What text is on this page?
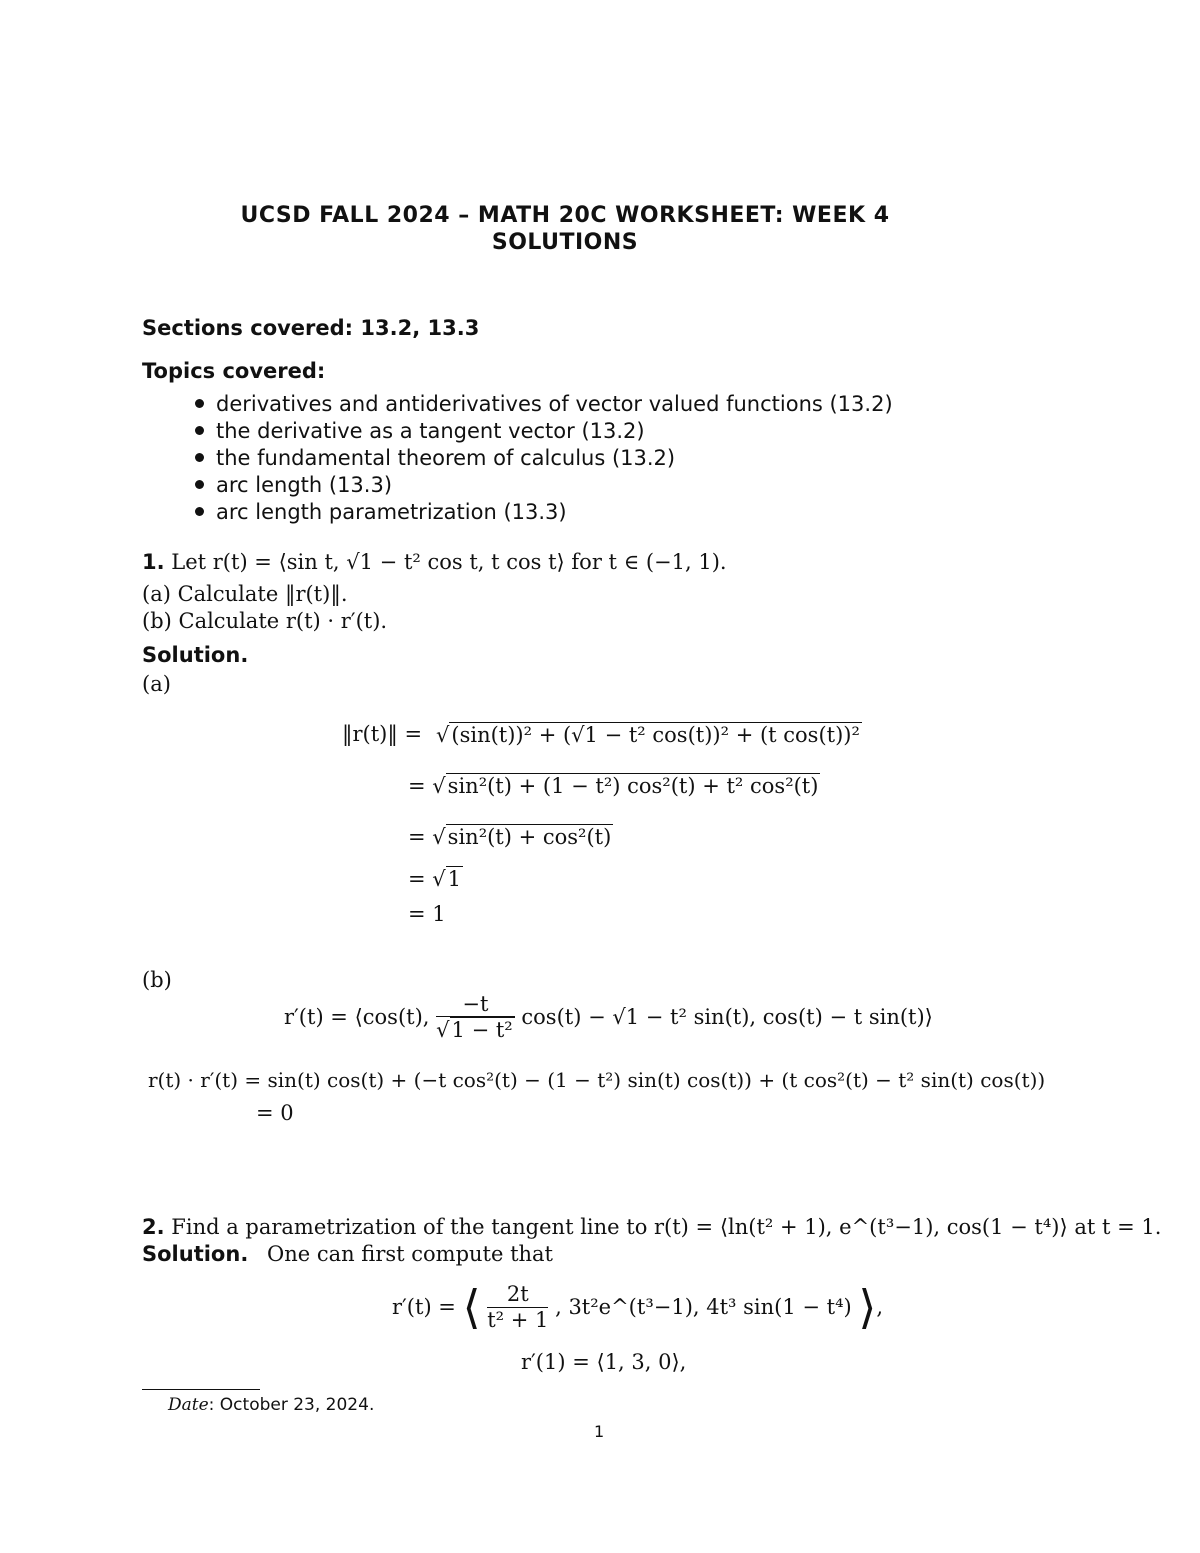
UCSD FALL 2024 – MATH 20C WORKSHEET: WEEK 4
SOLUTIONS
Sections covered: 13.2, 13.3
Topics covered:
derivatives and antiderivatives of vector valued functions (13.2)
the derivative as a tangent vector (13.2)
the fundamental theorem of calculus (13.2)
arc length (13.3)
arc length parametrization (13.3)
1. Let r(t) = ⟨sin t, √1 − t² cos t, t cos t⟩ for t ∈ (−1, 1).
(a) Calculate ‖r(t)‖.
(b) Calculate r(t) · r′(t).
Solution.
(a)
‖r(t)‖ = √(sin(t))² + (√1 − t² cos(t))² + (t cos(t))²
= √sin²(t) + (1 − t²) cos²(t) + t² cos²(t)
= √sin²(t) + cos²(t)
= √1
= 1
(b)
r′(t) = ⟨cos(t), $\frac{-t}{\text{√1 − t²}} \cos(t) - √1 - t^2$ sin(t), cos(t) − t sin(t)⟩
r(t) · r′(t) = sin(t) cos(t) + (−t cos²(t) − (1 − t²) sin(t) cos(t)) + (t cos²(t) − t² sin(t) cos(t))
= 0
2. Find a parametrization of the tangent line to r(t) = ⟨ln(t² + 1), e^(t³−1), cos(1 − t⁴)⟩ at t = 1.
Solution. One can first compute that
r′(t) = ⟨ $\frac{2t}{\text{t² + 1}}$ , 3t²e^(t³−1), 4t³ sin(1 − t⁴) ⟩,
r′(1) = ⟨1, 3, 0⟩,
Date: October 23, 2024.
1
